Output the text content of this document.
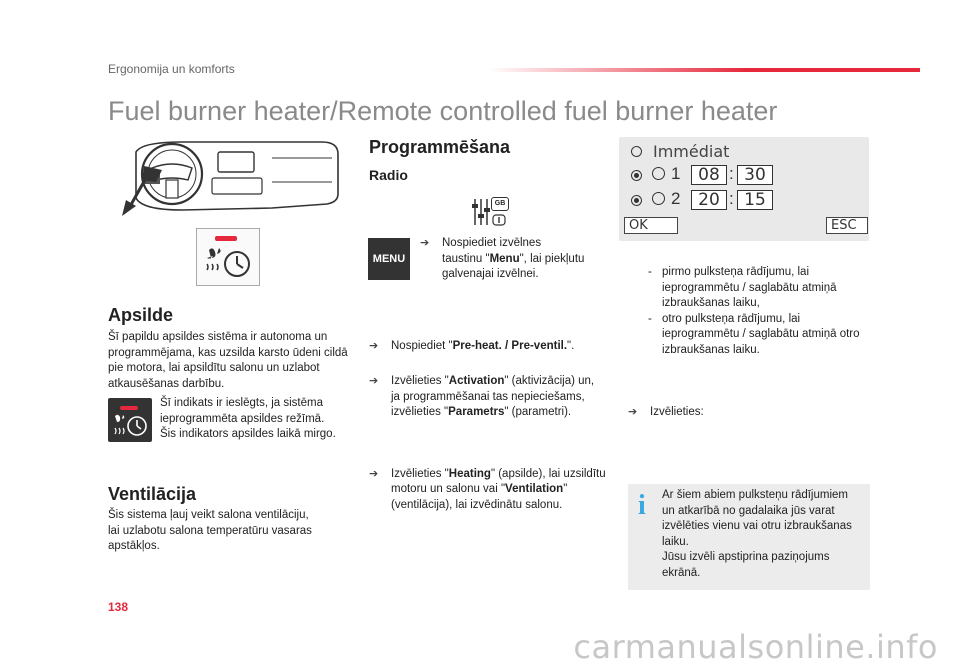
Ergonomija un komforts
Fuel burner heater/Remote controlled fuel burner heater
Apsilde
Šī papildu apsildes sistēma ir autonoma un programmējama, kas uzsilda karsto ūdeni cildā pie motora, lai apsildītu salonu un uzlabot atkausēšanas darbību.
Šī indikats ir ieslēgts, ja sistēma
ieprogrammēta apsildes režīmā.
Šis indikators apsildes laikā mirgo.
Ventilācija
Šis sistema ļauj veikt salona ventilāciju,
lai uzlabotu salona temperatūru vasaras
apstākļos.
Programmēšana
Radio
GB
MENU
➔ Nospiediet izvēlnes
taustinu "Menu", lai piekļutu
galvenajai izvēlnei.
➔ Nospiediet "Pre-heat. / Pre-ventil.".
➔ Izvēlieties "Activation" (aktivizācija) un,
ja programmēšanai tas nepieciešams,
izvēlieties "Parametrs" (parametri).
➔ Izvēlieties "Heating" (apsilde), lai uzsildītu
motoru un salonu vai "Ventilation"
(ventilācija), lai izvēdinātu salonu.
Immédiat
1	08 : 30
2	20 : 15
OK	ESC
➔ Izvēlieties:
- pirmo pulksteņa rādījumu, lai
ieprogrammētu / saglabātu atmiņā
izbraukšanas laiku,
- otro pulksteņa rādījumu, lai
ieprogrammētu / saglabātu atmiņā otro
izbraukšanas laiku.
i Ar šiem abiem pulksteņu rādījumiem
un atkarībā no gadalaika jūs varat
izvēlēties vienu vai otru izbraukšanas
laiku.
Jūsu izvēli apstiprina paziņojums
ekrānā.
138
carmanualsonline.info
